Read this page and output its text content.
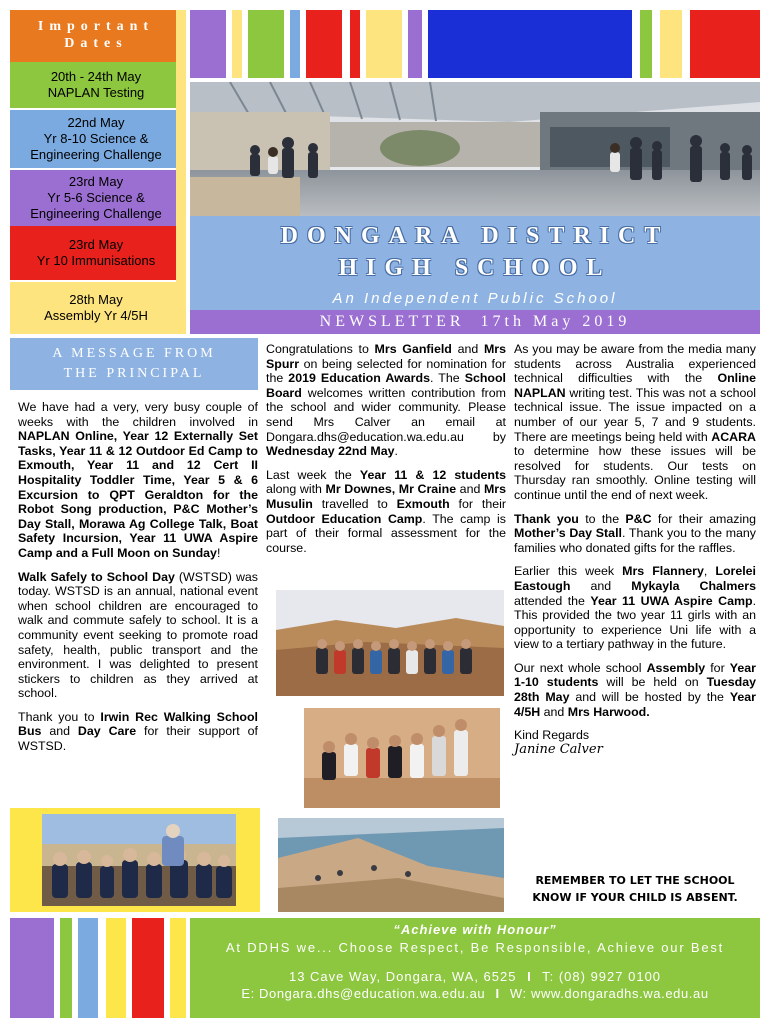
Important
Dates
20th - 24th May
NAPLAN Testing
22nd May
Yr 8-10 Science &
Engineering Challenge
23rd May
Yr 5-6 Science &
Engineering Challenge
23rd May
Yr 10 Immunisations
28th May
Assembly Yr 4/5H
DONGARA DISTRICT
HIGH SCHOOL
An Independent Public School
NEWSLETTER  17th May 2019
A MESSAGE FROM
THE PRINCIPAL

We have had a very, very busy couple of weeks with the children involved in NAPLAN Online, Year 12 Externally Set Tasks, Year 11 & 12 Outdoor Ed Camp to Exmouth, Year 11 and 12 Cert II Hospitality Toddler Time, Year 5 & 6 Excursion to QPT Geraldton for the Robot Song production, P&C Mother’s Day Stall, Morawa Ag College Talk, Boat Safety Incursion, Year 11 UWA Aspire Camp and a Full Moon on Sunday!

Walk Safely to School Day (WSTSD) was today. WSTSD is an annual, national event when school children are encouraged to walk and commute safely to school. It is a community event seeking to promote road safety, health, public transport and the environment. I was delighted to present stickers to children as they arrived at school.

Thank you to Irwin Rec Walking School Bus and Day Care for their support of WSTSD.

Congratulations to Mrs Ganfield and Mrs Spurr on being selected for nomination for the 2019 Education Awards. The School Board welcomes written contribution from the school and wider community. Please send Mrs Calver an email at Dongara.dhs@education.wa.edu.au by Wednesday 22nd May.

Last week the Year 11 & 12 students along with Mr Downes, Mr Craine and Mrs Musulin travelled to Exmouth for their Outdoor Education Camp. The camp is part of their formal assessment for the course.

As you may be aware from the media many students across Australia experienced technical difficulties with the Online NAPLAN writing test. This was not a school technical issue. The issue impacted on a number of our year 5, 7 and 9 students. There are meetings being held with ACARA to determine how these issues will be resolved for students. Our tests on Thursday ran smoothly. Online testing will continue until the end of next week.

Thank you to the P&C for their amazing Mother’s Day Stall. Thank you to the many families who donated gifts for the raffles.

Earlier this week Mrs Flannery, Lorelei Eastough and Mykayla Chalmers attended the Year 11 UWA Aspire Camp. This provided the two year 11 girls with an opportunity to experience Uni life with a view to a tertiary pathway in the future.

Our next whole school Assembly for Year 1-10 students will be held on Tuesday 28th May and will be hosted by the Year 4/5H and Mrs Harwood.

Kind Regards
Janine Calver
REMEMBER TO LET THE SCHOOL
KNOW IF YOUR CHILD IS ABSENT.
“Achieve with Honour”
At DDHS we... Choose Respect, Be Responsible, Achieve our Best
13 Cave Way, Dongara, WA, 6525 I T: (08) 9927 0100
E: Dongara.dhs@education.wa.edu.au I W: www.dongaradhs.wa.edu.au
